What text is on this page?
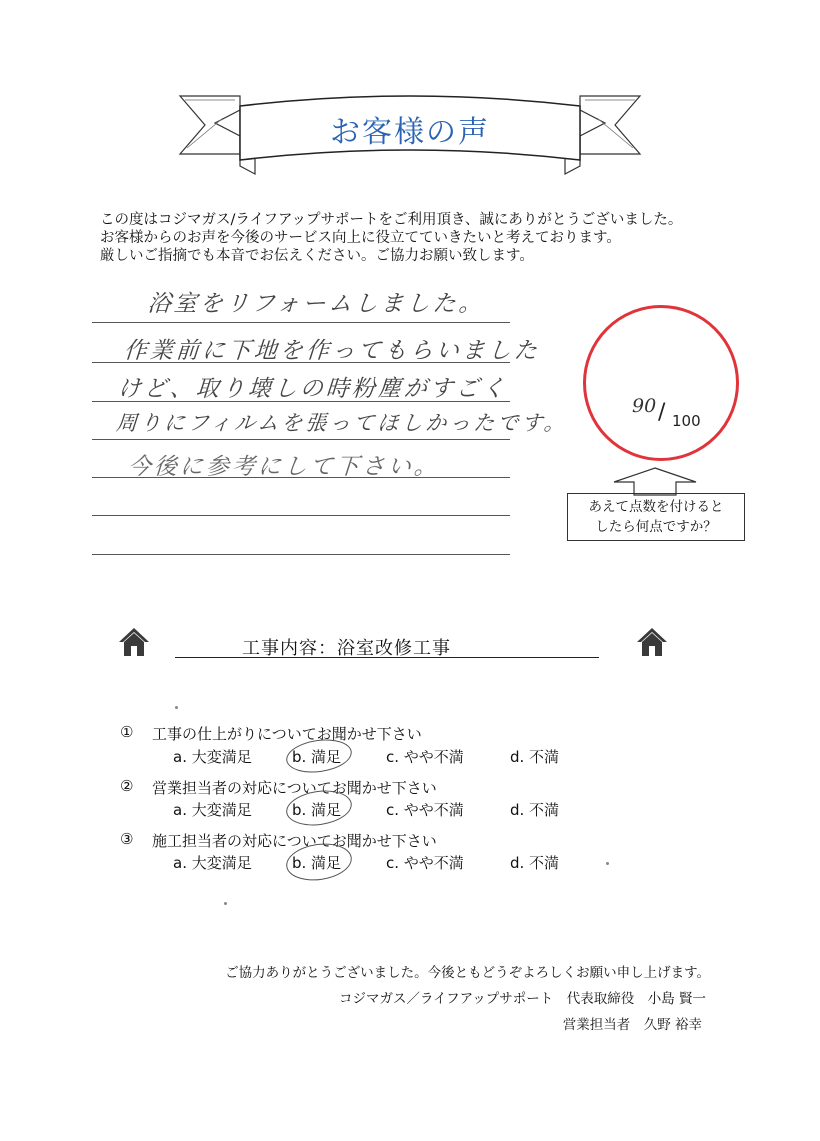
お客様の声
この度はコジマガス/ライフアップサポートをご利用頂き、誠にありがとうございました。
お客様からのお声を今後のサービス向上に役立てていきたいと考えております。
厳しいご指摘でも本音でお伝えください。ご協力お願い致します。
浴室をリフォームしました。
作業前に下地を作ってもらいました
けど、取り壊しの時粉塵がすごく
周りにフィルムを張ってほしかったです。
今後に参考にして下さい。
90 / 100
あえて点数を付けると
したら何点ですか？
工事内容：浴室改修工事
① 工事の仕上がりについてお聞かせ下さい
a. 大変満足	b. 満足	c. やや不満	d. 不満
② 営業担当者の対応についてお聞かせ下さい
a. 大変満足	b. 満足	c. やや不満	d. 不満
③ 施工担当者の対応についてお聞かせ下さい
a. 大変満足	b. 満足	c. やや不満	d. 不満
ご協力ありがとうございました。今後ともどうぞよろしくお願い申し上げます。
コジマガス／ライフアップサポート　代表取締役　小島 賢一
営業担当者　久野 裕幸
